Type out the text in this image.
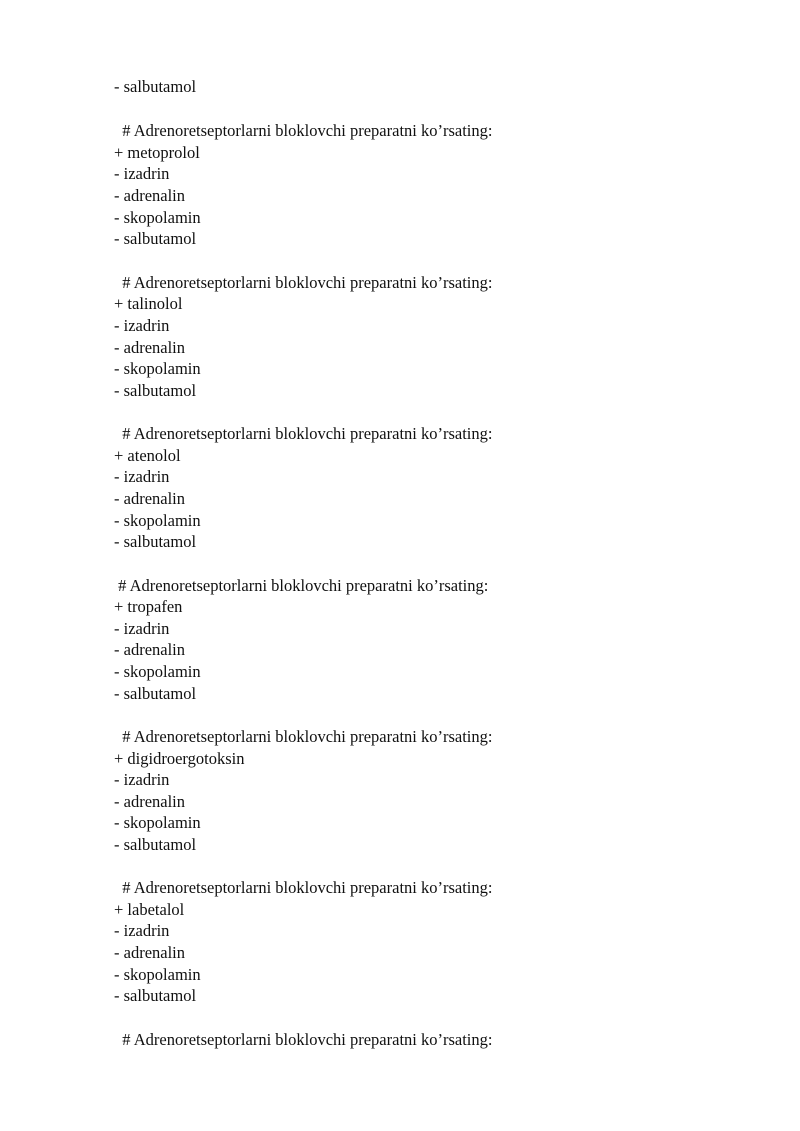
- salbutamol
# Adrenoretseptorlarni bloklovchi preparatni ko’rsating:
+ metoprolol
- izadrin
- adrenalin
- skopolamin
- salbutamol
# Adrenoretseptorlarni bloklovchi preparatni ko’rsating:
+ talinolol
- izadrin
- adrenalin
- skopolamin
- salbutamol
# Adrenoretseptorlarni bloklovchi preparatni ko’rsating:
+ atenolol
- izadrin
- adrenalin
- skopolamin
- salbutamol
# Adrenoretseptorlarni bloklovchi preparatni ko’rsating:
+ tropafen
- izadrin
- adrenalin
- skopolamin
- salbutamol
# Adrenoretseptorlarni bloklovchi preparatni ko’rsating:
+ digidroergotoksin
- izadrin
- adrenalin
- skopolamin
- salbutamol
# Adrenoretseptorlarni bloklovchi preparatni ko’rsating:
+ labetalol
- izadrin
- adrenalin
- skopolamin
- salbutamol
# Adrenoretseptorlarni bloklovchi preparatni ko’rsating:
